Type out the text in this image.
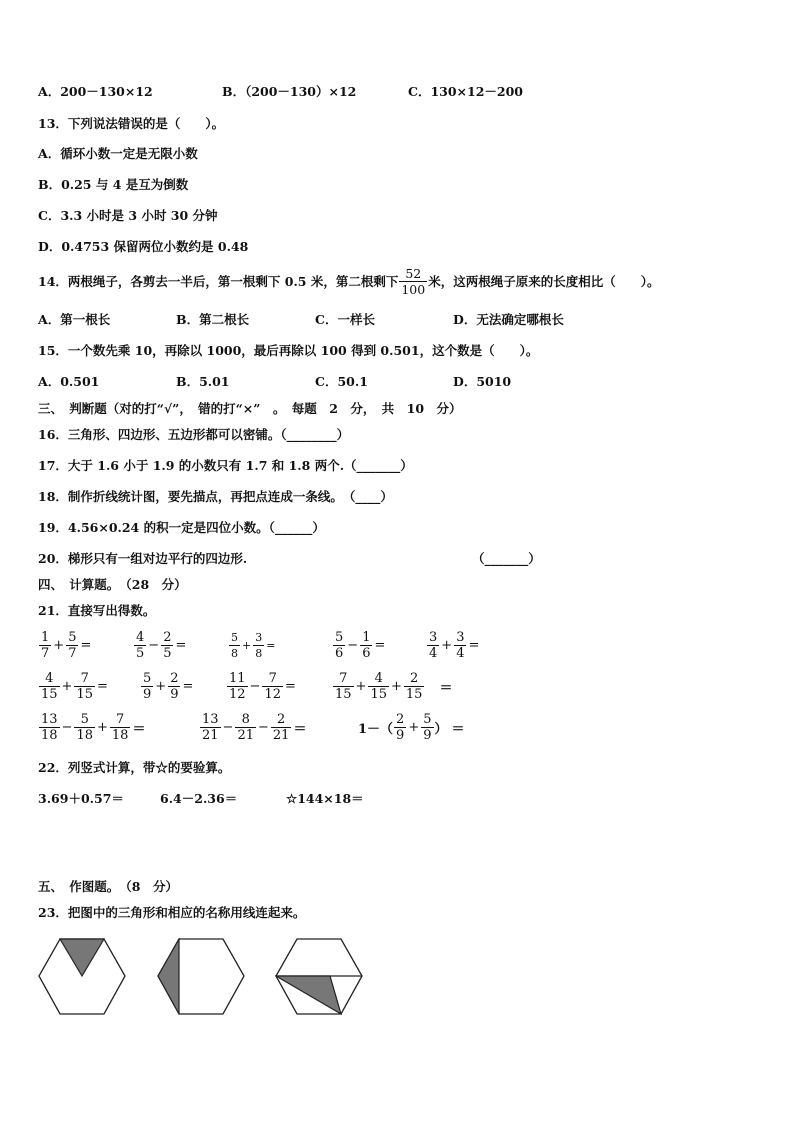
A．200－130×12	B．（200－130）×12	C．130×12－200
13．下列说法错误的是（　　）。
A．循环小数一定是无限小数
B．0.25 与 4 是互为倒数
C．3.3 小时是 3 小时 30 分钟
D．0.4753 保留两位小数约是 0.48
14．两根绳子，各剪去一半后，第一根剩下 0.5 米，第二根剩下 $\frac{52}{100}$ 米，这两根绳子原来的长度相比（　　）。
A．第一根长	B．第二根长	C．一样长	D．无法确定哪根长
15．一个数先乘 10，再除以 1000，最后再除以 100 得到 0.501，这个数是（　　）。
A．0.501	B．5.01	C．50.1	D．5010
三、　判断题（对的打“√”，　错的打“×”　。　每题　2　分，　共　10　分）
16．三角形、四边形、五边形都可以密铺。（________）
17．大于 1.6 小于 1.9 的小数只有 1.7 和 1.8 两个.（_______）
18．制作折线统计图，要先描点，再把点连成一条线。　（____）
19．4.56×0.24 的积一定是四位小数。（______）
20．梯形只有一组对边平行的四边形.	（_______）
四、　计算题。　（28　分）
21．直接写出得数。
$\frac{1}{7} + \frac{5}{7}$ =	$\frac{4}{5} - \frac{2}{5}$ =	$\frac{5}{8} + \frac{3}{8}$ =	$\frac{5}{6} - \frac{1}{6}$ =	$\frac{3}{4} + \frac{3}{4}$ =
$\frac{4}{15} + \frac{7}{15}$ =	$\frac{5}{9} + \frac{2}{9}$ =	$\frac{11}{12} - \frac{7}{12}$ =	$\frac{7}{15} + \frac{4}{15} + \frac{2}{15}$ ＝
$\frac{13}{18} - \frac{5}{18} + \frac{7}{18}$ ＝	$\frac{13}{21} - \frac{8}{21} - \frac{2}{21}$ ＝	$1-( \frac{2}{9} + \frac{5}{9}$ ） ＝
22．列竖式计算，带☆的要验算。
3.69＋0.57＝	6.4－2.36＝	☆144×18＝
五、　作图题。　（8　分）
23．把图中的三角形和相应的名称用线连起来。
